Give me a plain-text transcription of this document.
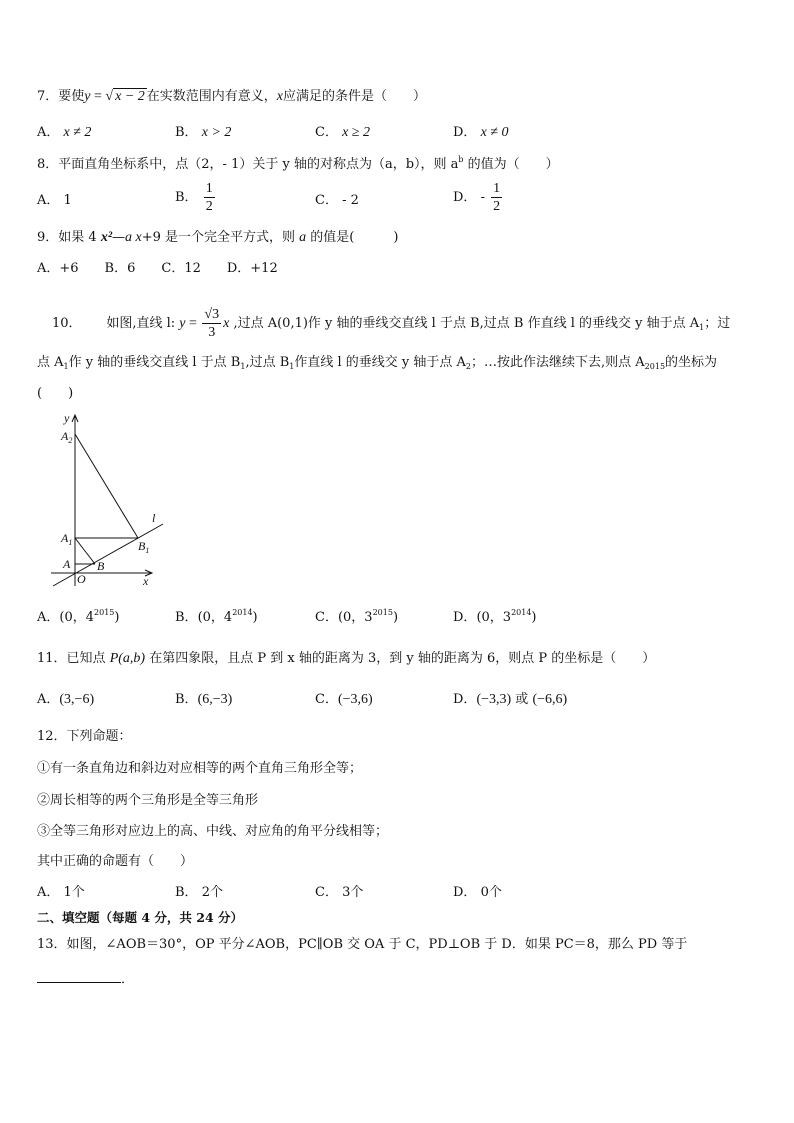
7．要使y = √ x − 2 在实数范围内有意义，x应满足的条件是（　　）
A． x ≠ 2	B． x > 2	C． x ≥ 2	D． x ≠ 0
8．平面直角坐标系中，点（2，- 1）关于 y 轴的对称点为（a，b），则 $a^b$ 的值为（　　）
A． 1	B． $\frac{1}{2}$	C． - 2	D． - $\frac{1}{2}$
9．如果 4 x²—a x+9 是一个完全平方式，则 a 的值是(　　　)
A．+6　　B．6　　C．12　　D．+12
10． 如图,直线 l: $y = \frac{√3}{3}$ x ,过点 A(0,1)作 y 轴的垂线交直线 l 于点 B,过点 B 作直线 l 的垂线交 y 轴于点 $A_1$；过
点 $A_1$作 y 轴的垂线交直线 l 于点 $B_1$,过点 $B_1$作直线 l 的垂线交 y 轴于点 $A_2$；…按此作法继续下去,则点 $A_{2015}$的坐标为
(　　)
y
x
O
A B
$A_1$	$B_1$
$A_2$
l
A．(0，$4^{2015}$)	B．(0，$4^{2014}$)	C．(0，$3^{2015}$)	D．(0，$3^{2014}$)
11．已知点 P(a,b) 在第四象限，且点 P 到 x 轴的距离为 3，到 y 轴的距离为 6，则点 P 的坐标是（　　）
A．(3,−6)	B．(6,−3)	C．(−3,6)	D．(−3,3) 或 (−6,6)
12．下列命题：
①有一条直角边和斜边对应相等的两个直角三角形全等；
②周长相等的两个三角形是全等三角形
③全等三角形对应边上的高、中线、对应角的角平分线相等；
其中正确的命题有（　　）
A． 1个	B． 2个	C． 3个	D． 0个
二、填空题（每题 4 分，共 24 分）
13．如图，∠AOB＝30°，OP 平分∠AOB，PC∥OB 交 OA 于 C，PD⊥OB 于 D．如果 PC＝8，那么 PD 等于
．
